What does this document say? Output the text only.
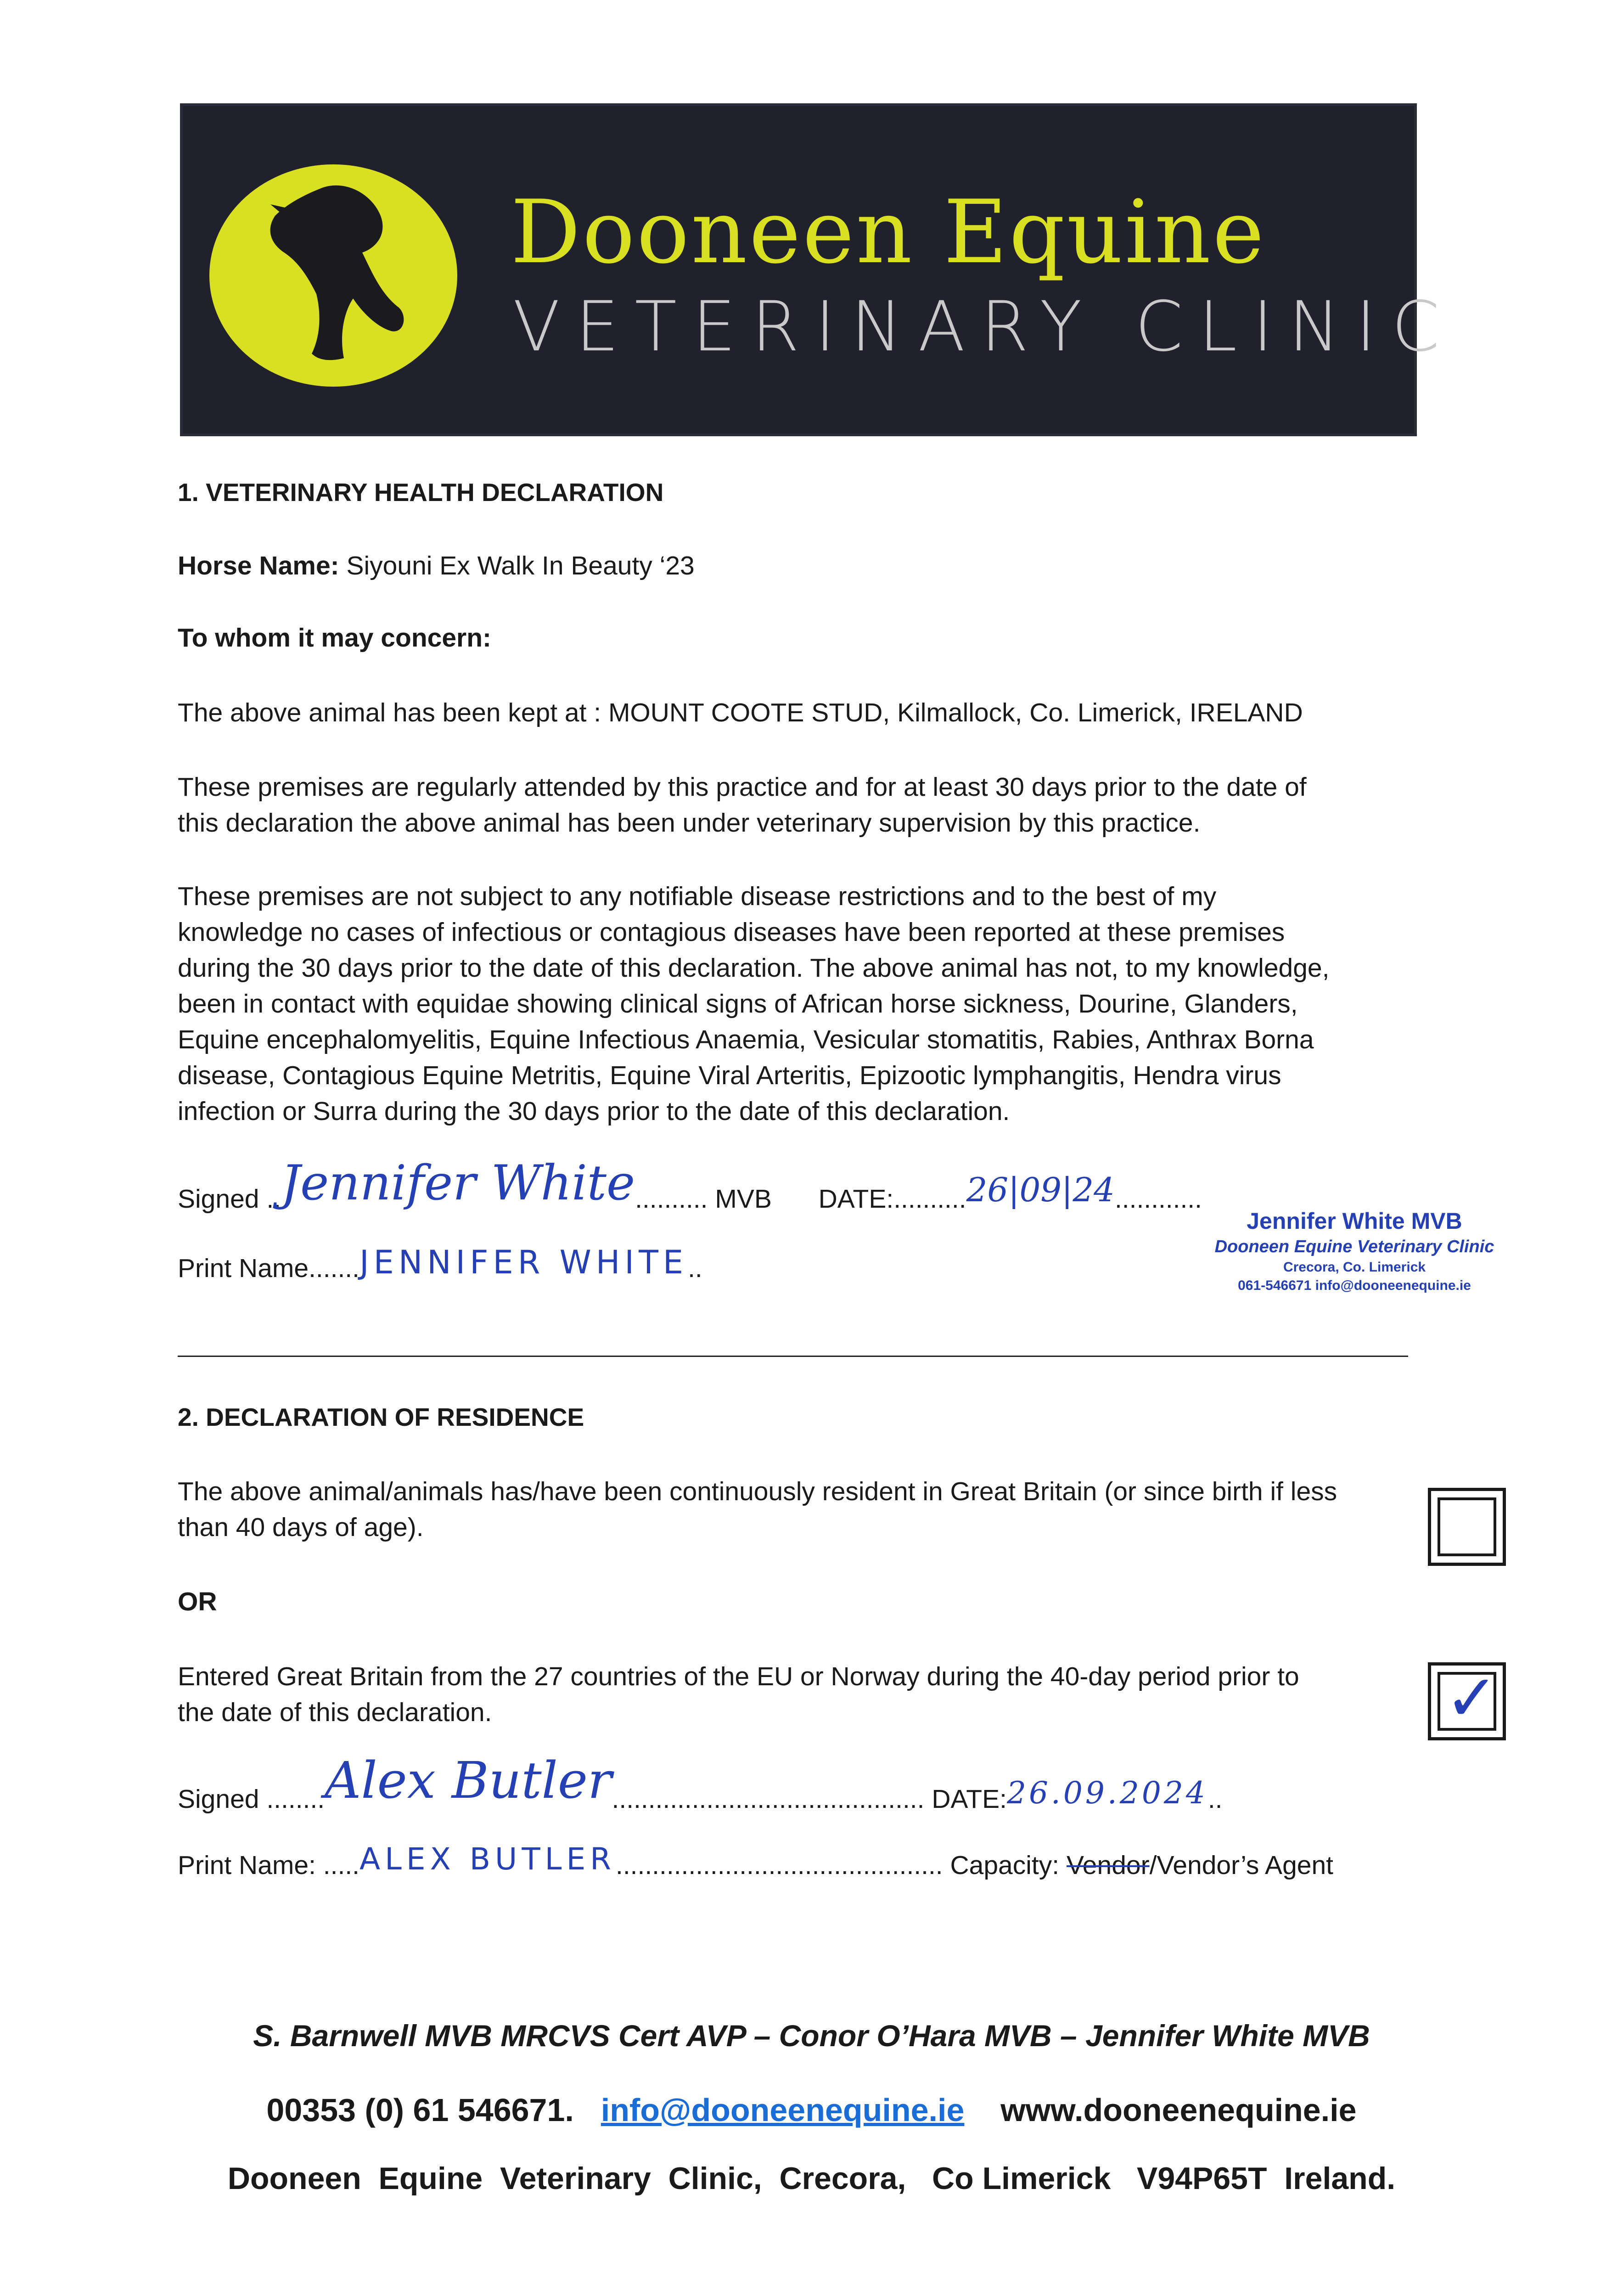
Dooneen Equine
VETERINARY CLINIC
1. VETERINARY HEALTH DECLARATION
Horse Name: Siyouni Ex Walk In Beauty ‘23
To whom it may concern:
The above animal has been kept at : MOUNT COOTE STUD, Kilmallock, Co. Limerick, IRELAND
These premises are regularly attended by this practice and for at least 30 days prior to the date of
this declaration the above animal has been under veterinary supervision by this practice.
These premises are not subject to any notifiable disease restrictions and to the best of my
knowledge no cases of infectious or contagious diseases have been reported at these premises
during the 30 days prior to the date of this declaration. The above animal has not, to my knowledge,
been in contact with equidae showing clinical signs of African horse sickness, Dourine, Glanders,
Equine encephalomyelitis, Equine Infectious Anaemia, Vesicular stomatitis, Rabies, Anthrax Borna
disease, Contagious Equine Metritis, Equine Viral Arteritis, Epizootic lymphangitis, Hendra virus
infection or Surra during the 30 days prior to the date of this declaration.
Signed ..Jennifer White.......... MVB DATE:..........26|09|24............
Print Name.......JENNIFER WHITE..
Jennifer White MVB
Dooneen Equine Veterinary Clinic
Crecora, Co. Limerick
061-546671 info@dooneenequine.ie
2. DECLARATION OF RESIDENCE
The above animal/animals has/have been continuously resident in Great Britain (or since birth if less
than 40 days of age).
OR
Entered Great Britain from the 27 countries of the EU or Norway during the 40-day period prior to
the date of this declaration.	✓
Signed ........Alex Butler........................................... DATE:26.09.2024..
Print Name: .....ALEX BUTLER............................................. Capacity: Vendor/Vendor’s Agent
S. Barnwell MVB MRCVS Cert AVP – Conor O’Hara MVB – Jennifer White MVB
00353 (0) 61 546671. info@dooneenequine.ie www.dooneenequine.ie
Dooneen  Equine  Veterinary  Clinic,  Crecora,   Co Limerick   V94P65T  Ireland.
